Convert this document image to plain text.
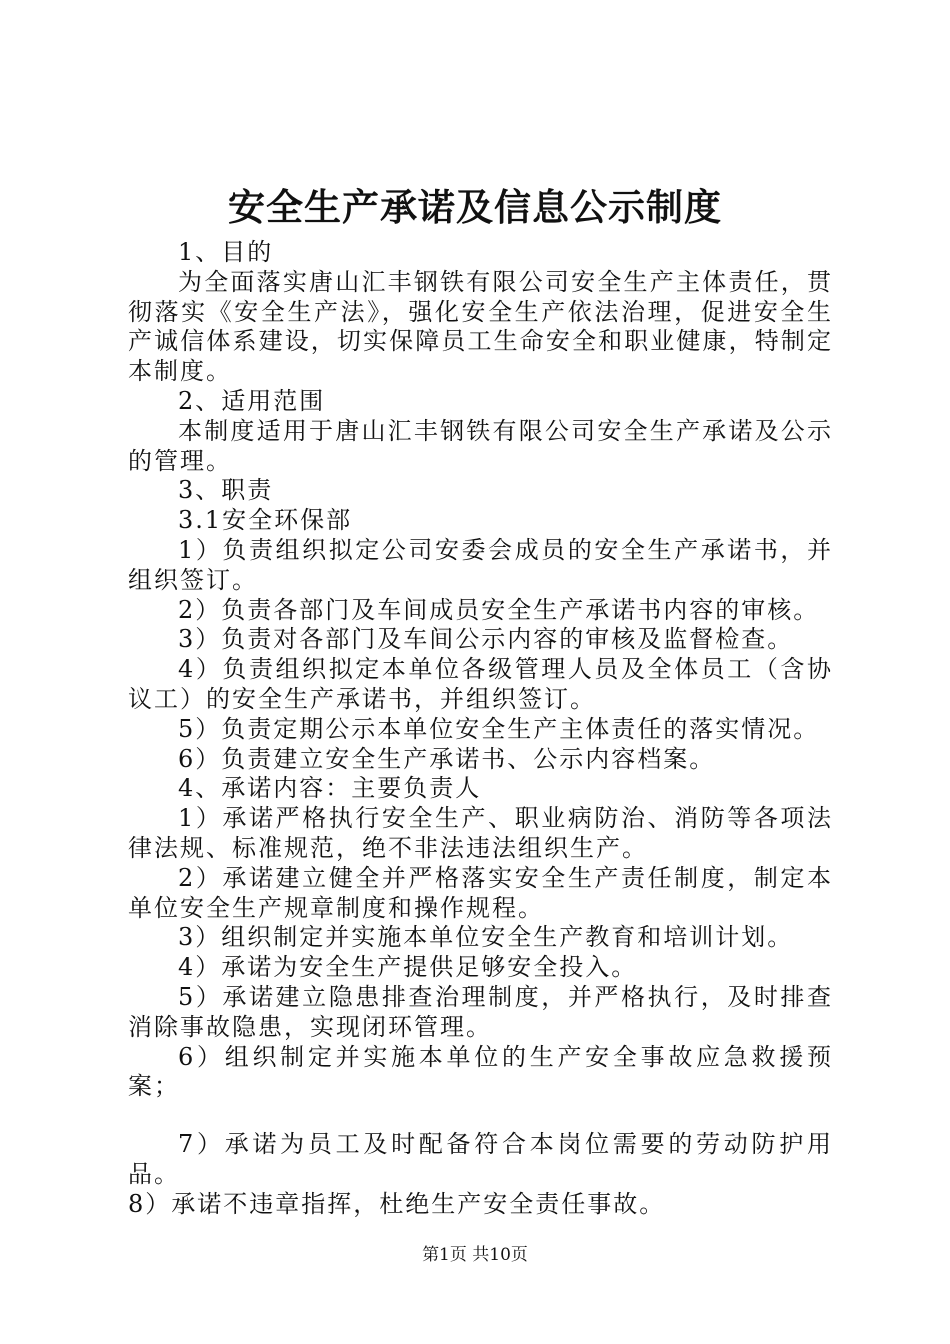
安全生产承诺及信息公示制度

1、目的

为全面落实唐山汇丰钢铁有限公司安全生产主体责任，贯彻落实《安全生产法》，强化安全生产依法治理，促进安全生产诚信体系建设，切实保障员工生命安全和职业健康，特制定本制度。

2、适用范围

本制度适用于唐山汇丰钢铁有限公司安全生产承诺及公示的管理。

3、职责

3.1安全环保部

1）负责组织拟定公司安委会成员的安全生产承诺书，并组织签订。

2）负责各部门及车间成员安全生产承诺书内容的审核。

3）负责对各部门及车间公示内容的审核及监督检查。

4）负责组织拟定本单位各级管理人员及全体员工（含协议工）的安全生产承诺书，并组织签订。

5）负责定期公示本单位安全生产主体责任的落实情况。

6）负责建立安全生产承诺书、公示内容档案。

4、承诺内容：主要负责人

1）承诺严格执行安全生产、职业病防治、消防等各项法律法规、标准规范，绝不非法违法组织生产。

2）承诺建立健全并严格落实安全生产责任制度，制定本单位安全生产规章制度和操作规程。

3）组织制定并实施本单位安全生产教育和培训计划。

4）承诺为安全生产提供足够安全投入。

5）承诺建立隐患排查治理制度，并严格执行，及时排查消除事故隐患，实现闭环管理。

6）组织制定并实施本单位的生产安全事故应急救援预案；

7）承诺为员工及时配备符合本岗位需要的劳动防护用品。

8）承诺不违章指挥，杜绝生产安全责任事故。

第1页 共10页
